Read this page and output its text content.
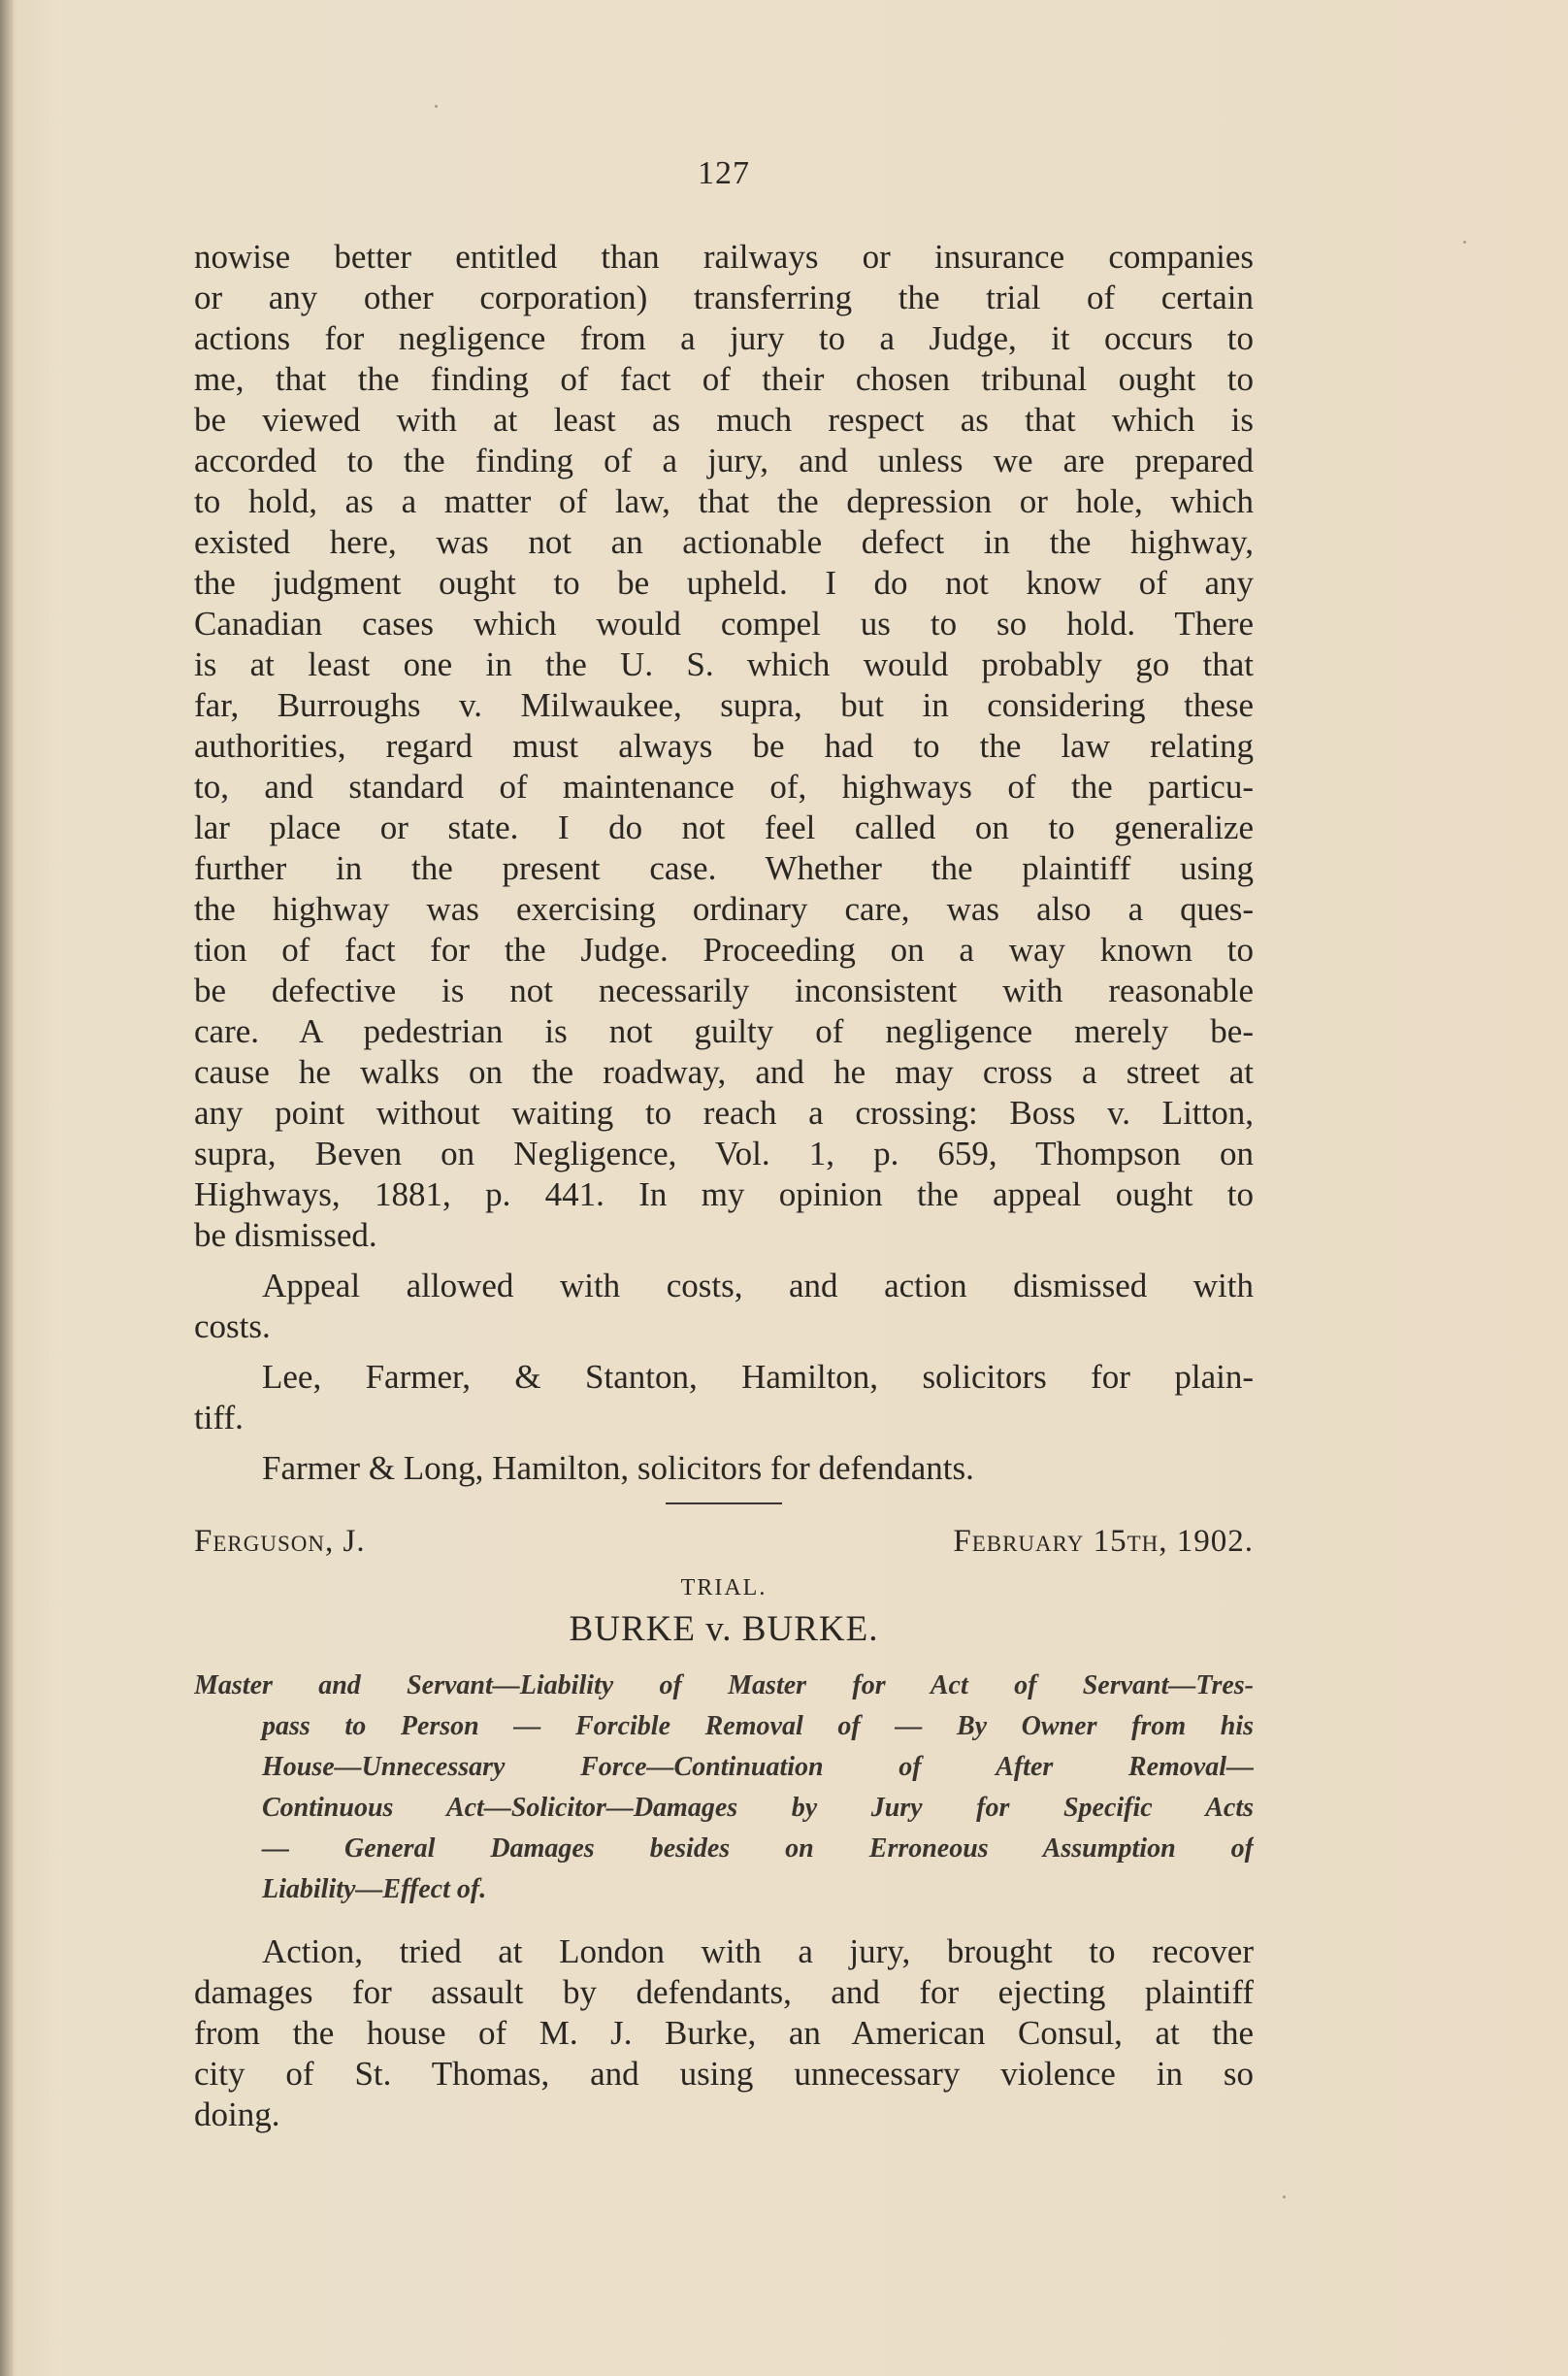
127
nowise better entitled than railways or insurance companies
or any other corporation) transferring the trial of certain
actions for negligence from a jury to a Judge, it occurs to
me, that the finding of fact of their chosen tribunal ought to
be viewed with at least as much respect as that which is
accorded to the finding of a jury, and unless we are prepared
to hold, as a matter of law, that the depression or hole, which
existed here, was not an actionable defect in the highway,
the judgment ought to be upheld. I do not know of any
Canadian cases which would compel us to so hold. There
is at least one in the U. S. which would probably go that
far, Burroughs v. Milwaukee, supra, but in considering these
authorities, regard must always be had to the law relating
to, and standard of maintenance of, highways of the particu-
lar place or state. I do not feel called on to generalize
further in the present case. Whether the plaintiff using
the highway was exercising ordinary care, was also a ques-
tion of fact for the Judge. Proceeding on a way known to
be defective is not necessarily inconsistent with reasonable
care. A pedestrian is not guilty of negligence merely be-
cause he walks on the roadway, and he may cross a street at
any point without waiting to reach a crossing: Boss v. Litton,
supra, Beven on Negligence, Vol. 1, p. 659, Thompson on
Highways, 1881, p. 441. In my opinion the appeal ought to
be dismissed.
Appeal allowed with costs, and action dismissed with
costs.
Lee, Farmer, & Stanton, Hamilton, solicitors for plain-
tiff.
Farmer & Long, Hamilton, solicitors for defendants.
Ferguson, J.	February 15th, 1902.
TRIAL.
BURKE v. BURKE.
Master and Servant—Liability of Master for Act of Servant—Tres-
pass to Person — Forcible Removal of — By Owner from his
House—Unnecessary Force—Continuation of After Removal—
Continuous Act—Solicitor—Damages by Jury for Specific Acts
— General Damages besides on Erroneous Assumption of
Liability—Effect of.
Action, tried at London with a jury, brought to recover
damages for assault by defendants, and for ejecting plaintiff
from the house of M. J. Burke, an American Consul, at the
city of St. Thomas, and using unnecessary violence in so
doing.
